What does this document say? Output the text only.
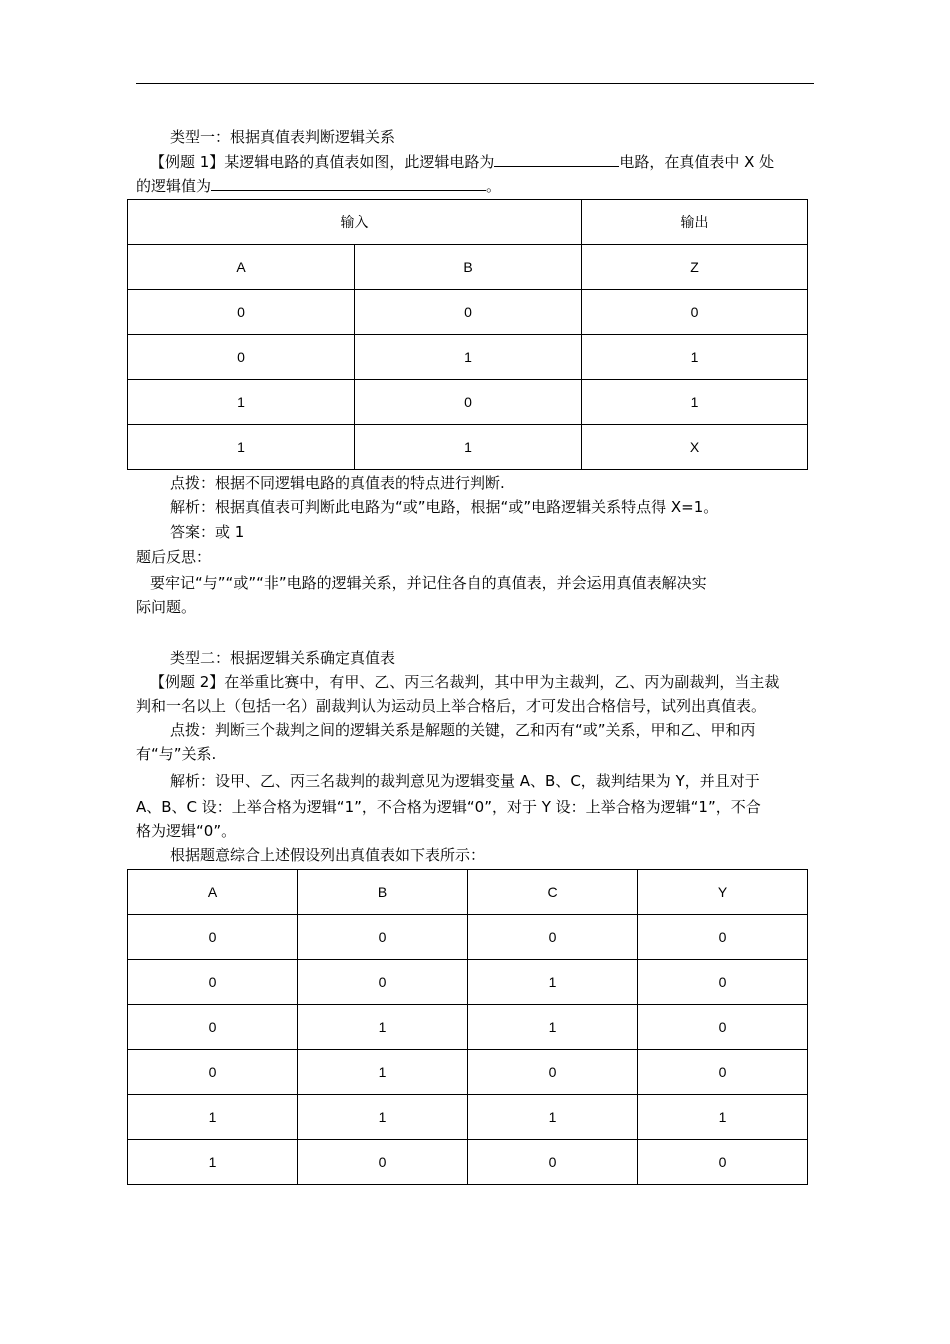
类型一：根据真值表判断逻辑关系
【例题 1】某逻辑电路的真值表如图，此逻辑电路为	电路，在真值表中 X 处
的逻辑值为	。
输入		输出
A	B	Z
0	0	0
0	1	1
1	0	1
1	1	X
点拨：根据不同逻辑电路的真值表的特点进行判断.
解析：根据真值表可判断此电路为“或”电路，根据“或”电路逻辑关系特点得 X=1。
答案：或 1
题后反思：
要牢记“与”“或”“非”电路的逻辑关系，并记住各自的真值表，并会运用真值表解决实
际问题。
类型二：根据逻辑关系确定真值表
【例题 2】在举重比赛中，有甲、乙、丙三名裁判，其中甲为主裁判，乙、丙为副裁判，当主裁
判和一名以上（包括一名）副裁判认为运动员上举合格后，才可发出合格信号，试列出真值表。
点拨：判断三个裁判之间的逻辑关系是解题的关键，乙和丙有“或”关系，甲和乙、甲和丙
有“与”关系.
解析：设甲、乙、丙三名裁判的裁判意见为逻辑变量 A、B、C，裁判结果为 Y，并且对于
A、B、C 设：上举合格为逻辑“1”，不合格为逻辑“0”，对于 Y 设：上举合格为逻辑“1”，不合
格为逻辑“0”。
根据题意综合上述假设列出真值表如下表所示：
A	B	C	Y
0	0	0	0
0	0	1	0
0	1	1	0
0	1	0	0
1	1	1	1
1	0	0	0
